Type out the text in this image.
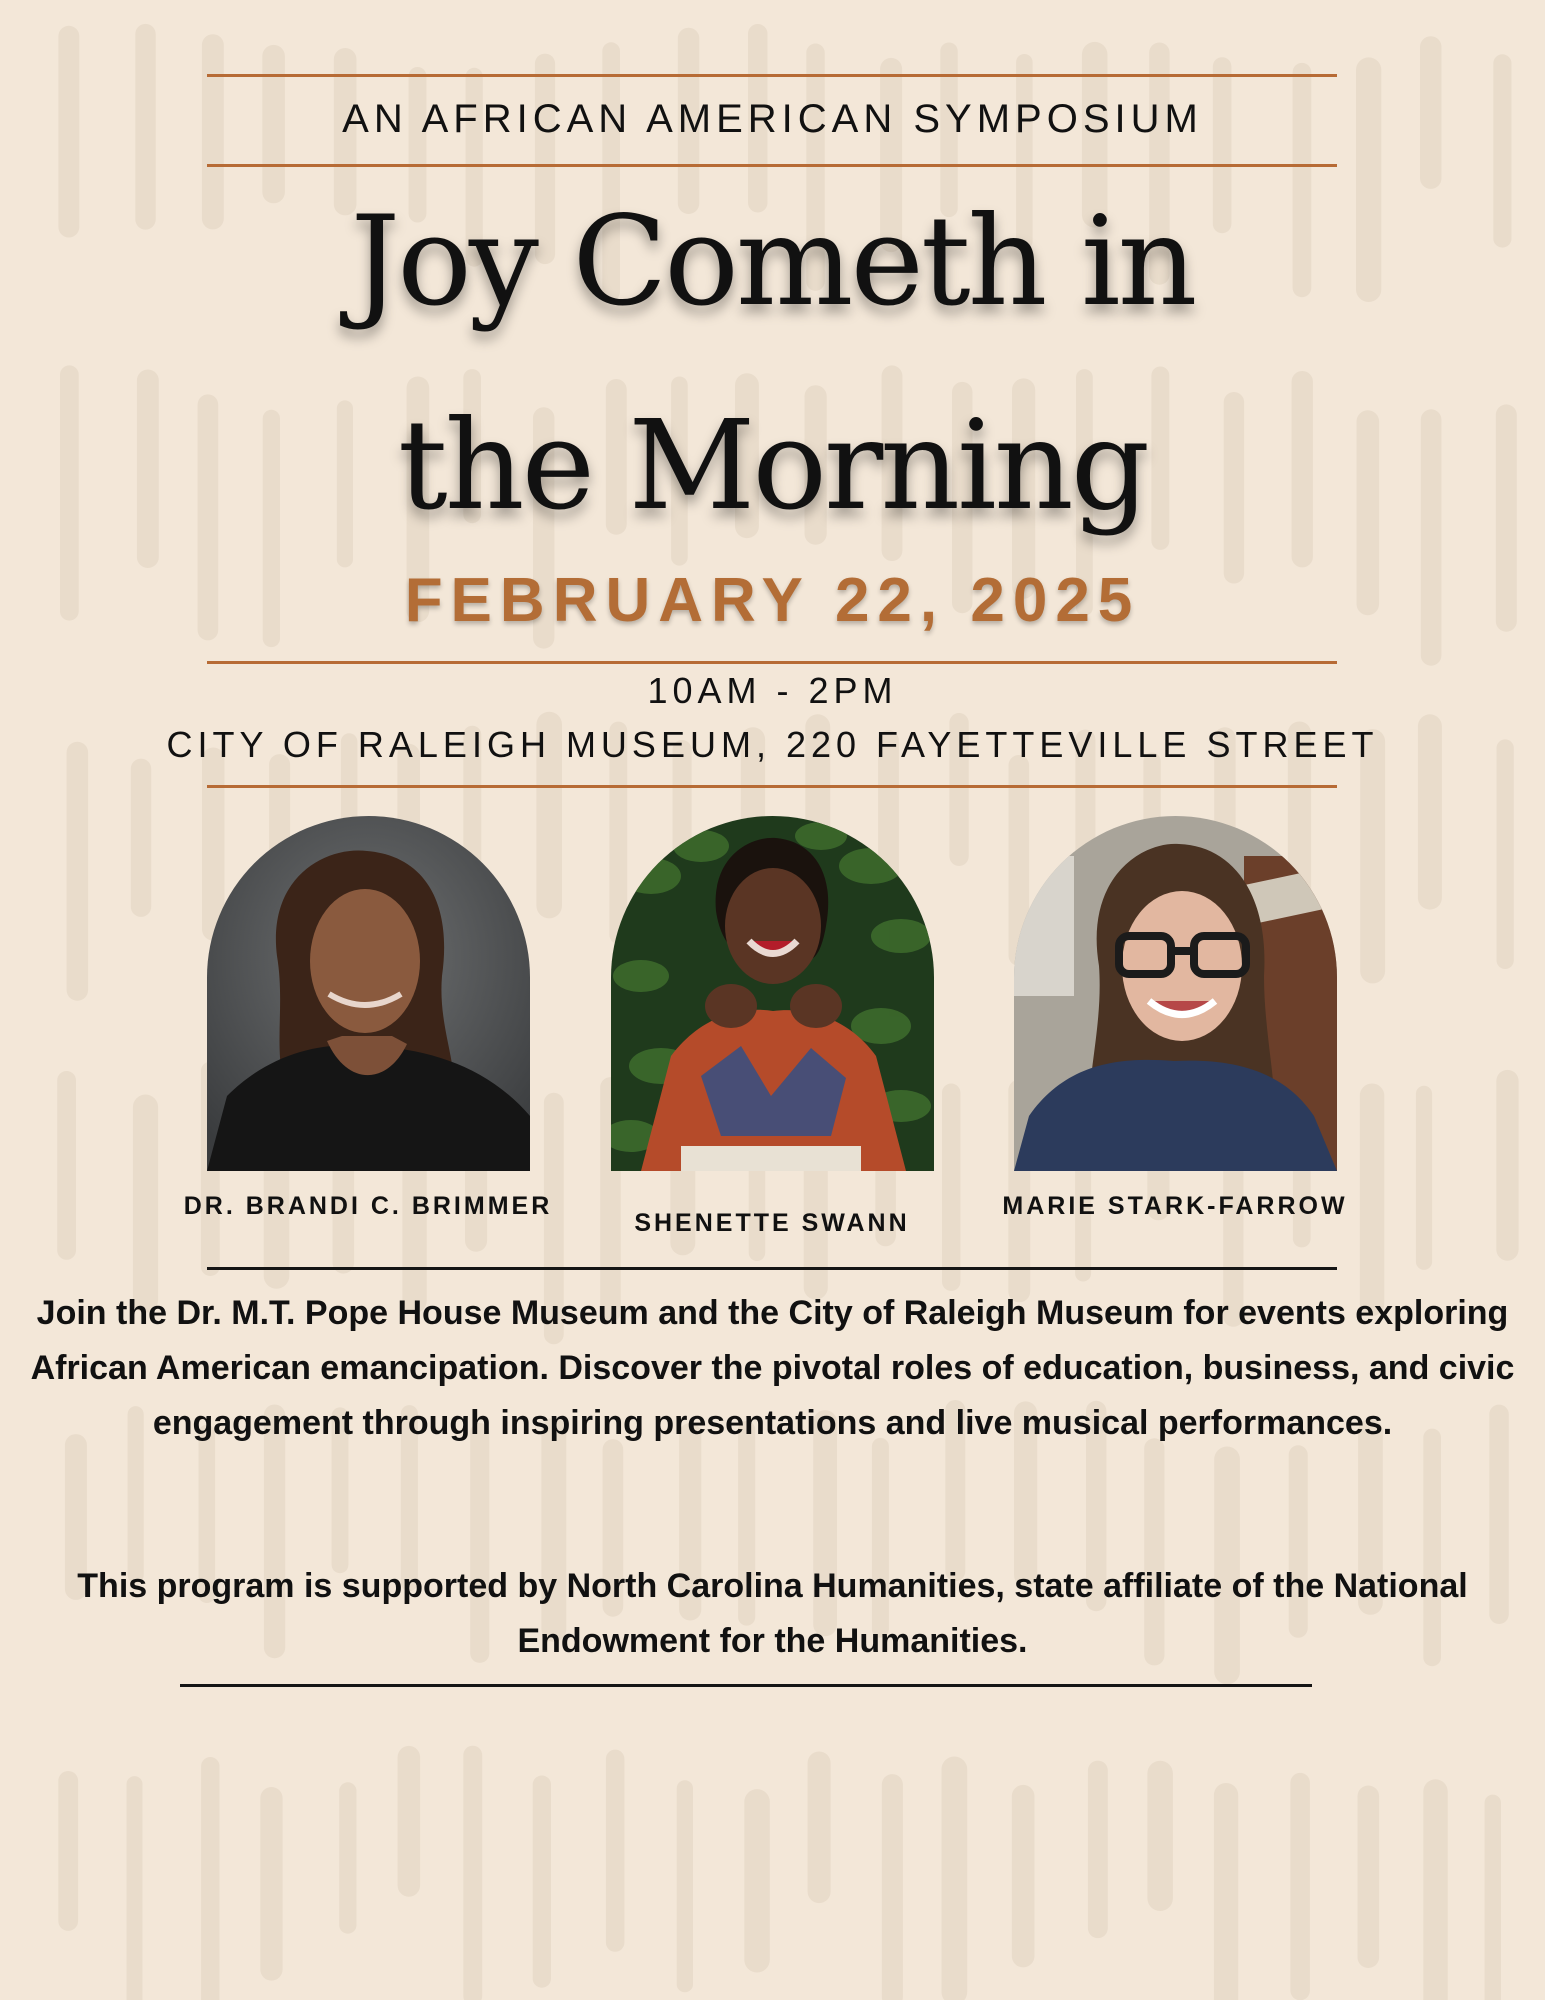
AN AFRICAN AMERICAN SYMPOSIUM
Joy Cometh in
the Morning
FEBRUARY 22, 2025
10AM - 2PM
CITY OF RALEIGH MUSEUM, 220 FAYETTEVILLE STREET
DR. BRANDI C. BRIMMER
SHENETTE SWANN
MARIE STARK-FARROW
Join the Dr. M.T. Pope House Museum and the City of Raleigh Museum for events exploring African American emancipation. Discover the pivotal roles of education, business, and civic engagement through inspiring presentations and live musical performances.
This program is supported by North Carolina Humanities, state affiliate of the National Endowment for the Humanities.
